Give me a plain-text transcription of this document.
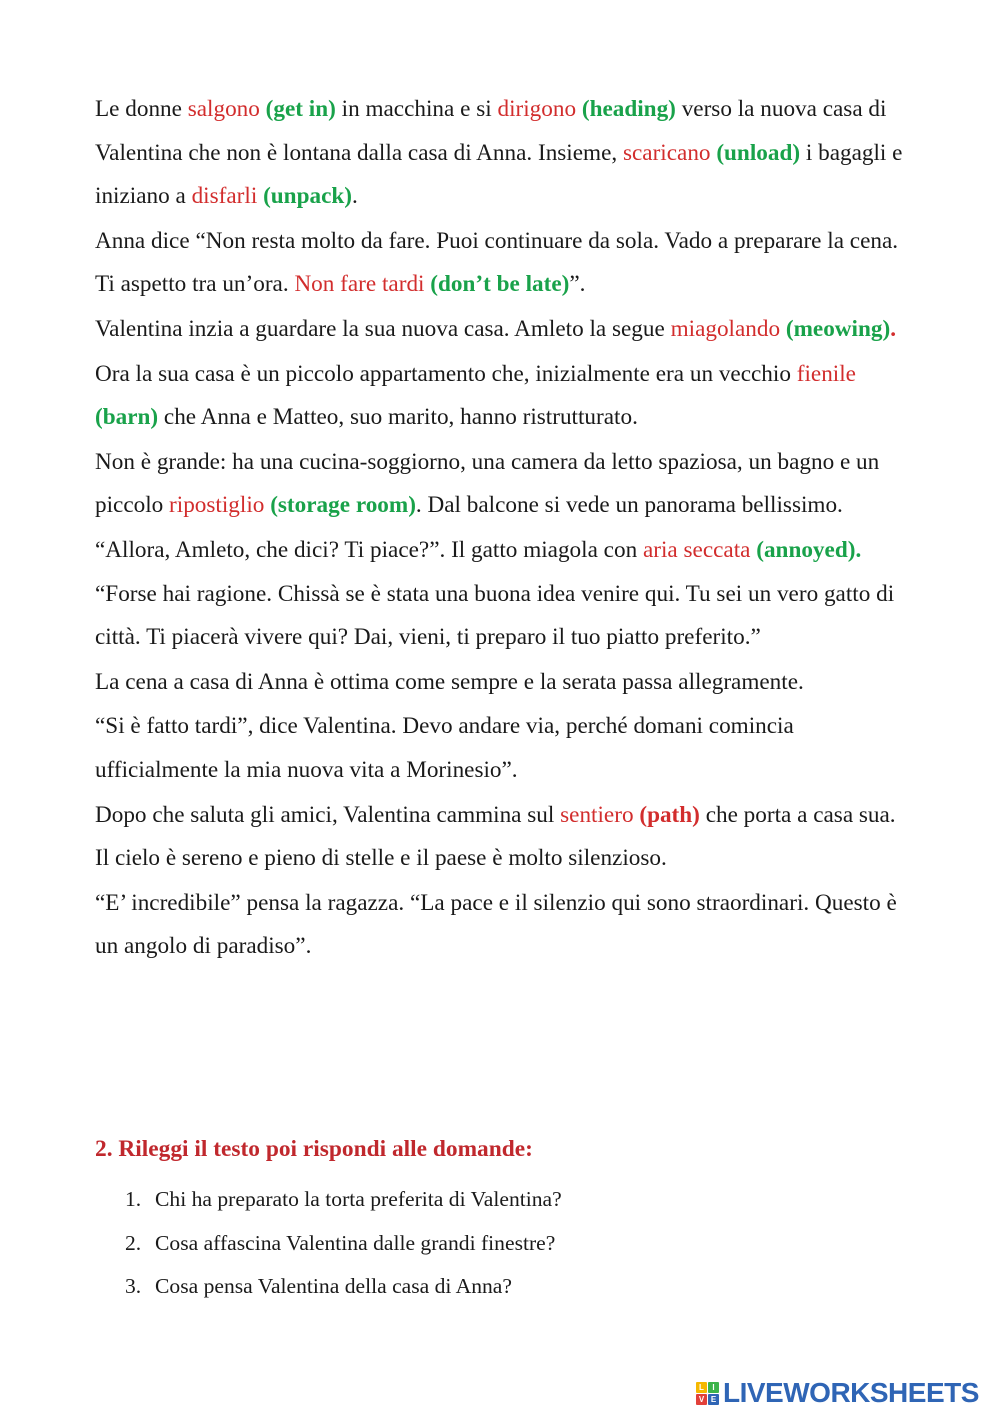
Le donne salgono (get in) in macchina e si dirigono (heading) verso la nuova casa di Valentina che non è lontana dalla casa di Anna. Insieme, scaricano (unload) i bagagli e iniziano a disfarli (unpack).

Anna dice “Non resta molto da fare. Puoi continuare da sola. Vado a preparare la cena. Ti aspetto tra un’ora. Non fare tardi (don’t be late)”.

Valentina inzia a guardare la sua nuova casa. Amleto la segue miagolando (meowing).

Ora la sua casa è un piccolo appartamento che, inizialmente era un vecchio fienile (barn) che Anna e Matteo, suo marito, hanno ristrutturato.

Non è grande: ha una cucina-soggiorno, una camera da letto spaziosa, un bagno e un piccolo ripostiglio (storage room). Dal balcone si vede un panorama bellissimo.

“Allora, Amleto, che dici? Ti piace?”. Il gatto miagola con aria seccata (annoyed). “Forse hai ragione. Chissà se è stata una buona idea venire qui. Tu sei un vero gatto di città. Ti piacerà vivere qui? Dai, vieni, ti preparo il tuo piatto preferito.”

La cena a casa di Anna è ottima come sempre e la serata passa allegramente.

“Si è fatto tardi”, dice Valentina. Devo andare via, perché domani comincia ufficialmente la mia nuova vita a Morinesio”.

Dopo che saluta gli amici, Valentina cammina sul sentiero (path) che porta a casa sua. Il cielo è sereno e pieno di stelle e il paese è molto silenzioso.

“E’ incredibile” pensa la ragazza. “La pace e il silenzio qui sono straordinari. Questo è un angolo di paradiso”.

2. Rileggi il testo poi rispondi alle domande:
1. Chi ha preparato la torta preferita di Valentina?
2. Cosa affascina Valentina dalle grandi finestre?
3. Cosa pensa Valentina della casa di Anna?
L	I
V E LIVEWORKSHEETS
